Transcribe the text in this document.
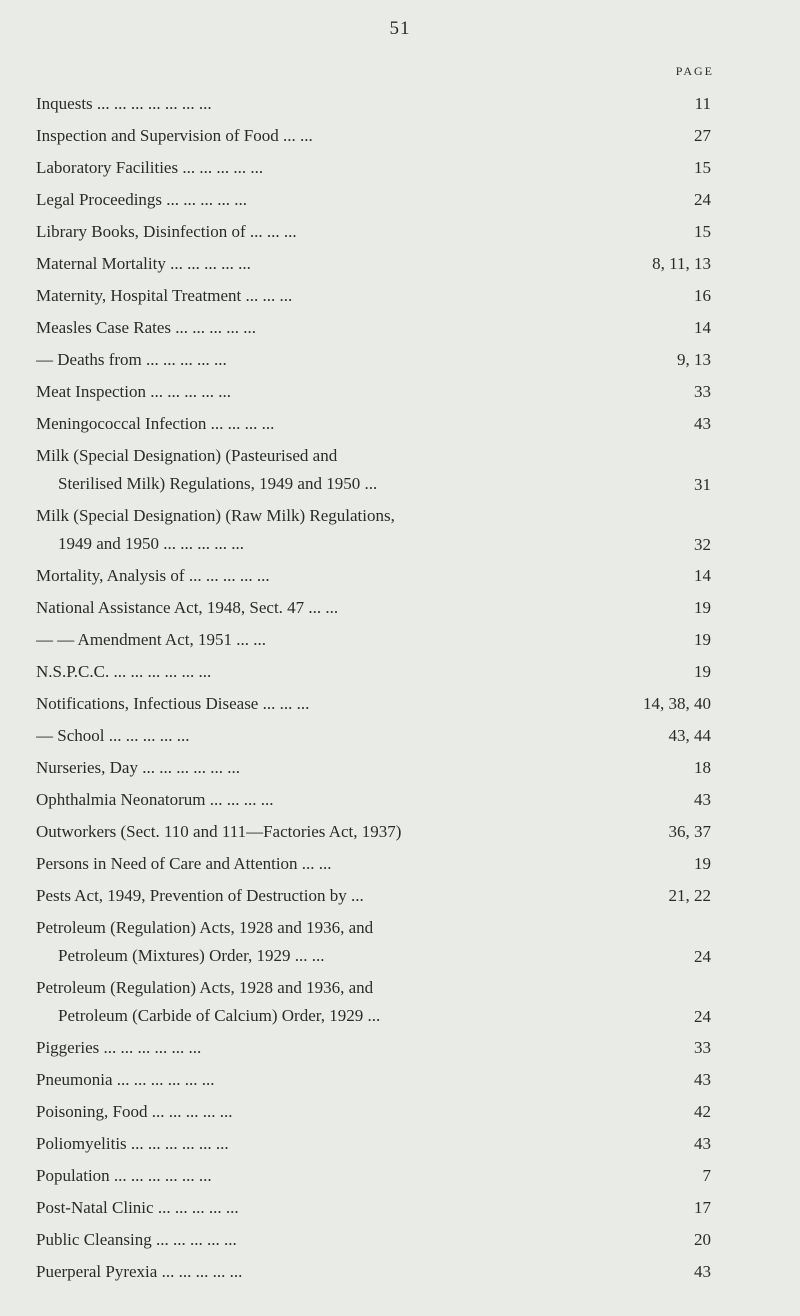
51
PAGE
Inquests ... ... ... ... ... ... ...	11
Inspection and Supervision of Food ... ...	27
Laboratory Facilities ... ... ... ... ...	15
Legal Proceedings ... ... ... ... ...	24
Library Books, Disinfection of ... ... ...	15
Maternal Mortality ... ... ... ... ...	8, 11, 13
Maternity, Hospital Treatment ... ... ...	16
Measles Case Rates ... ... ... ... ...	14
— Deaths from ... ... ... ... ...	9, 13
Meat Inspection ... ... ... ... ...	33
Meningococcal Infection ... ... ... ...	43
Milk (Special Designation) (Pasteurised and
Sterilised Milk) Regulations, 1949 and 1950 ...	31
Milk (Special Designation) (Raw Milk) Regulations,
1949 and 1950 ... ... ... ... ...	32
Mortality, Analysis of ... ... ... ... ...	14
National Assistance Act, 1948, Sect. 47 ... ...	19
— — Amendment Act, 1951 ... ...	19
N.S.P.C.C. ... ... ... ... ... ...	19
Notifications, Infectious Disease ... ... ...	14, 38, 40
— School ... ... ... ... ...	43, 44
Nurseries, Day ... ... ... ... ... ...	18
Ophthalmia Neonatorum ... ... ... ...	43
Outworkers (Sect. 110 and 111—Factories Act, 1937)	36, 37
Persons in Need of Care and Attention ... ...	19
Pests Act, 1949, Prevention of Destruction by ...	21, 22
Petroleum (Regulation) Acts, 1928 and 1936, and
Petroleum (Mixtures) Order, 1929 ... ...	24
Petroleum (Regulation) Acts, 1928 and 1936, and
Petroleum (Carbide of Calcium) Order, 1929 ...	24
Piggeries ... ... ... ... ... ...	33
Pneumonia ... ... ... ... ... ...	43
Poisoning, Food ... ... ... ... ...	42
Poliomyelitis ... ... ... ... ... ...	43
Population ... ... ... ... ... ...	7
Post-Natal Clinic ... ... ... ... ...	17
Public Cleansing ... ... ... ... ...	20
Puerperal Pyrexia ... ... ... ... ...	43
